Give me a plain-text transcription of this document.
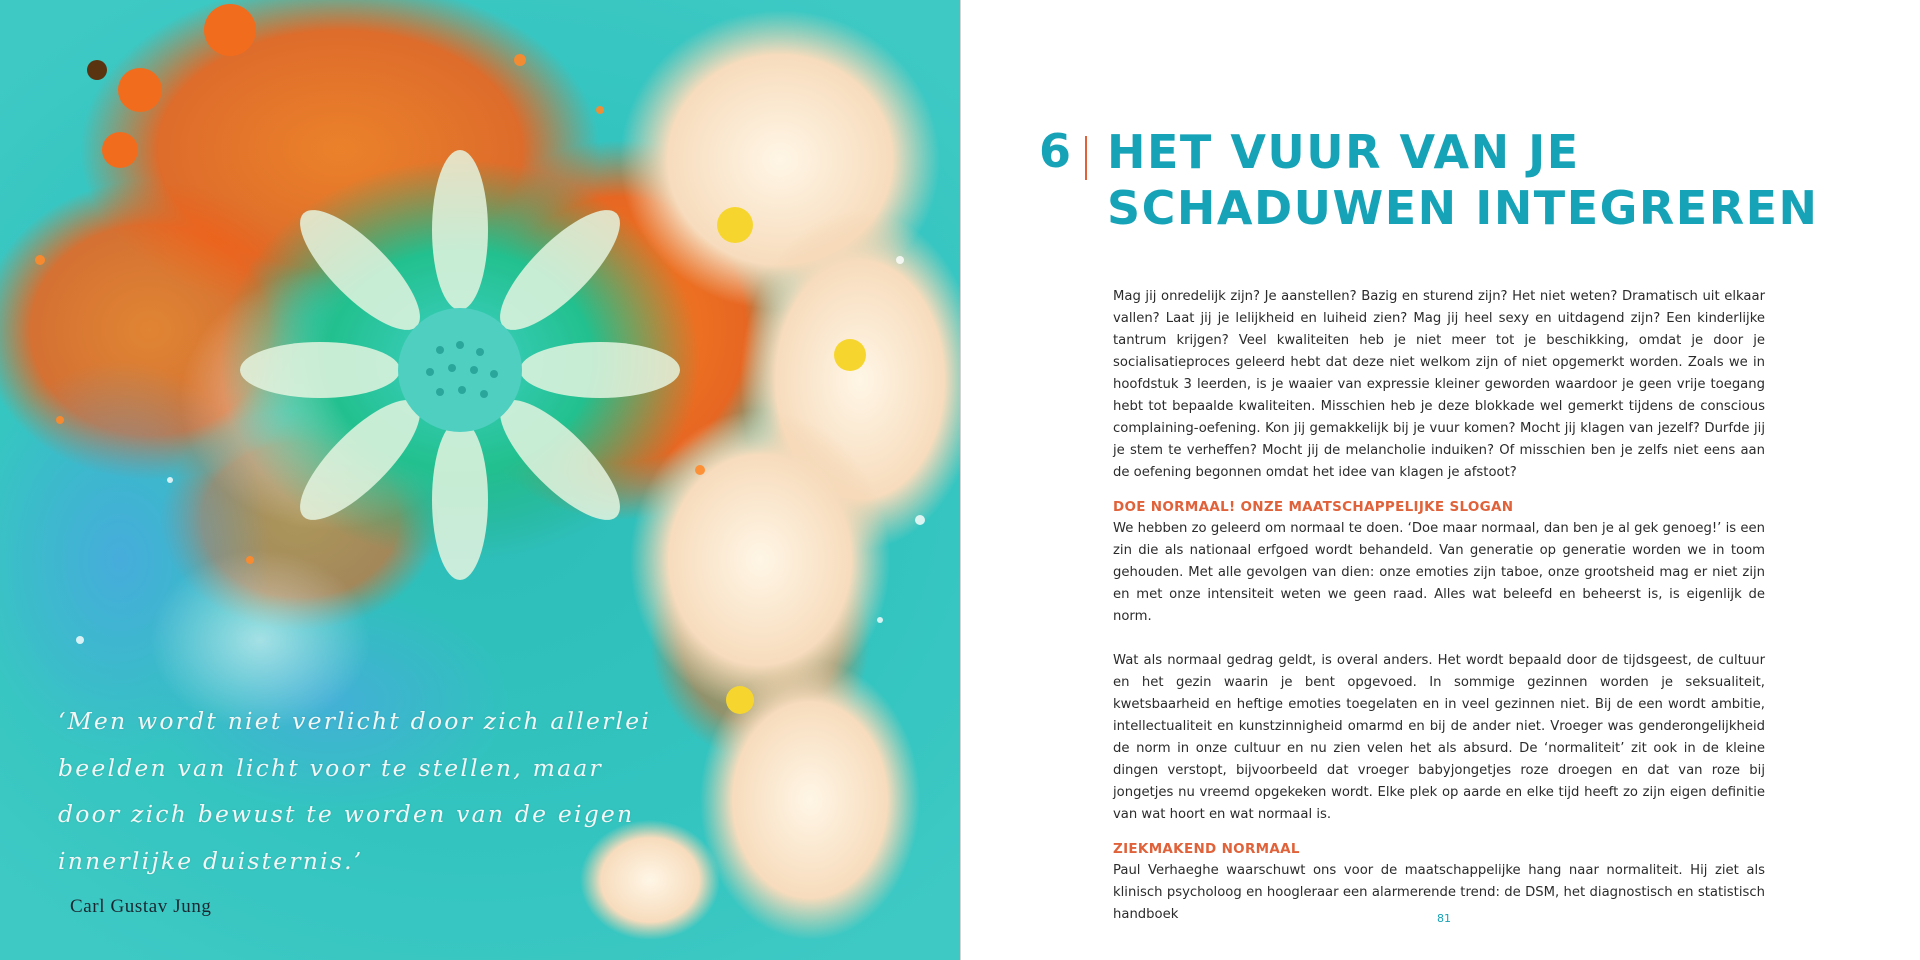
‘Men wordt niet verlicht door zich allerlei
beelden van licht voor te stellen, maar
door zich bewust te worden van de eigen
innerlijke duisternis.’
Carl Gustav Jung
6 HET VUUR VAN JE
SCHADUWEN INTEGREREN

Mag jij onredelijk zijn? Je aanstellen? Bazig en sturend zijn? Het niet weten? Dramatisch uit elkaar vallen? Laat jij je lelijkheid en luiheid zien? Mag jij heel sexy en uitdagend zijn? Een kinderlijke tantrum krijgen? Veel kwaliteiten heb je niet meer tot je beschikking, omdat je door je socialisatieproces geleerd hebt dat deze niet welkom zijn of niet opgemerkt worden. Zoals we in hoofdstuk 3 leerden, is je waaier van expressie kleiner geworden waardoor je geen vrije toegang hebt tot bepaalde kwaliteiten. Misschien heb je deze blokkade wel gemerkt tijdens de conscious complaining-oefening. Kon jij gemakkelijk bij je vuur komen? Mocht jij klagen van jezelf? Durfde jij je stem te verheffen? Mocht jij de melancholie induiken? Of misschien ben je zelfs niet eens aan de oefening begonnen omdat het idee van klagen je afstoot?

DOE NORMAAL! ONZE MAATSCHAPPELIJKE SLOGAN

We hebben zo geleerd om normaal te doen. ‘Doe maar normaal, dan ben je al gek genoeg!’ is een zin die als nationaal erfgoed wordt behandeld. Van generatie op generatie worden we in toom gehouden. Met alle gevolgen van dien: onze emoties zijn taboe, onze grootsheid mag er niet zijn en met onze intensiteit weten we geen raad. Alles wat beleefd en beheerst is, is eigenlijk de norm.

Wat als normaal gedrag geldt, is overal anders. Het wordt bepaald door de tijdsgeest, de cultuur en het gezin waarin je bent opgevoed. In sommige gezinnen worden je seksualiteit, kwetsbaarheid en heftige emoties toegelaten en in veel gezinnen niet. Bij de een wordt ambitie, intellectualiteit en kunstzinnigheid omarmd en bij de ander niet. Vroeger was genderongelijkheid de norm in onze cultuur en nu zien velen het als absurd. De ‘normaliteit’ zit ook in de kleine dingen verstopt, bijvoorbeeld dat vroeger babyjongetjes roze droegen en dat van roze bij jongetjes nu vreemd opgekeken wordt. Elke plek op aarde en elke tijd heeft zo zijn eigen definitie van wat hoort en wat normaal is.

ZIEKMAKEND NORMAAL

Paul Verhaeghe waarschuwt ons voor de maatschappelijke hang naar normaliteit. Hij ziet als klinisch psycholoog en hoogleraar een alarmerende trend: de DSM, het diagnostisch en statistisch handboek	81
